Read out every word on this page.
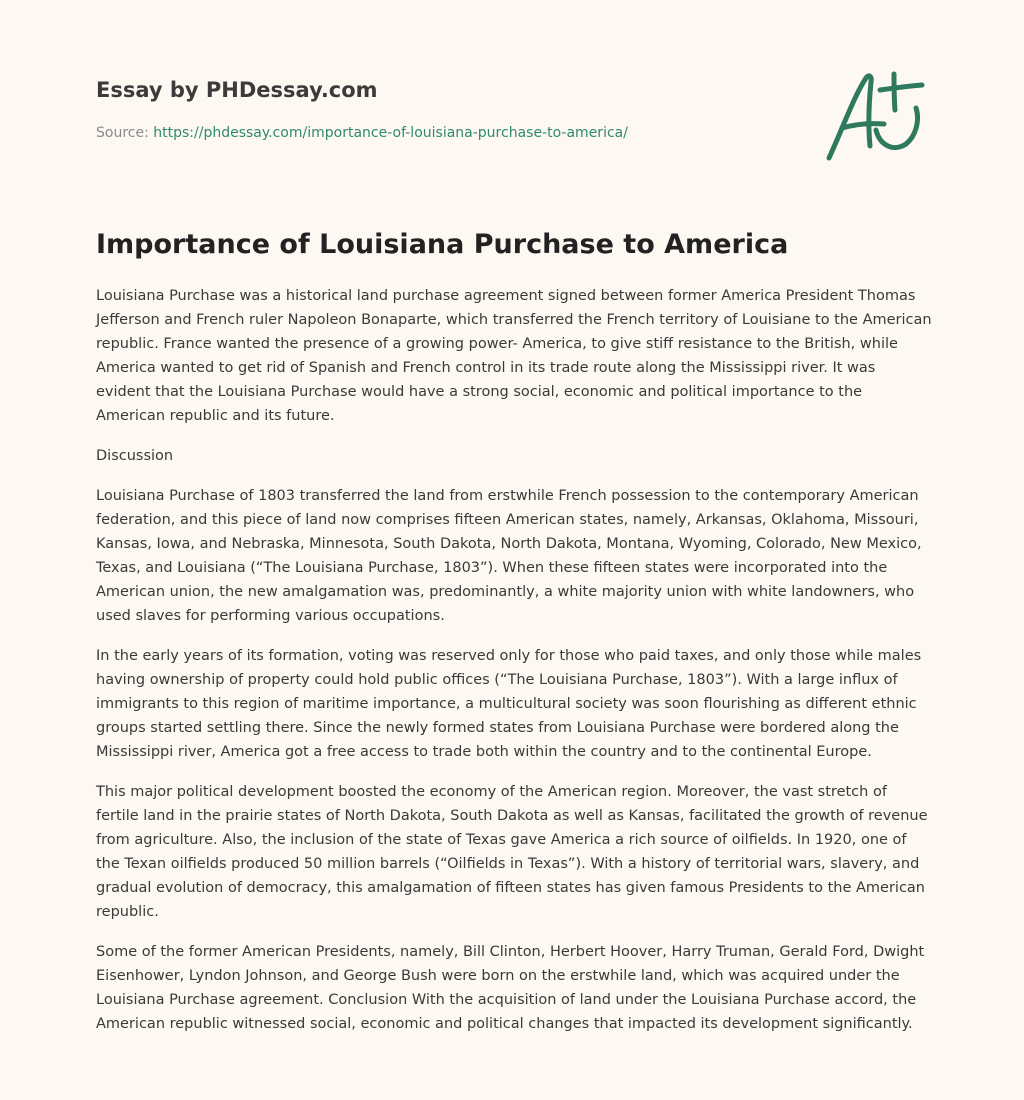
Essay by PHDessay.com
Source: https://phdessay.com/importance-of-louisiana-purchase-to-america/
Importance of Louisiana Purchase to America

Louisiana Purchase was a historical land purchase agreement signed between former America President Thomas Jefferson and French ruler Napoleon Bonaparte, which transferred the French territory of Louisiane to the American republic. France wanted the presence of a growing power- America, to give stiff resistance to the British, while America wanted to get rid of Spanish and French control in its trade route along the Mississippi river. It was evident that the Louisiana Purchase would have a strong social, economic and political importance to the American republic and its future.

Discussion

Louisiana Purchase of 1803 transferred the land from erstwhile French possession to the contemporary American federation, and this piece of land now comprises fifteen American states, namely, Arkansas, Oklahoma, Missouri, Kansas, Iowa, and Nebraska, Minnesota, South Dakota, North Dakota, Montana, Wyoming, Colorado, New Mexico, Texas, and Louisiana (“The Louisiana Purchase, 1803”). When these fifteen states were incorporated into the American union, the new amalgamation was, predominantly, a white majority union with white landowners, who used slaves for performing various occupations.

In the early years of its formation, voting was reserved only for those who paid taxes, and only those while males having ownership of property could hold public offices (“The Louisiana Purchase, 1803”). With a large influx of immigrants to this region of maritime importance, a multicultural society was soon flourishing as different ethnic groups started settling there. Since the newly formed states from Louisiana Purchase were bordered along the Mississippi river, America got a free access to trade both within the country and to the continental Europe.

This major political development boosted the economy of the American region. Moreover, the vast stretch of fertile land in the prairie states of North Dakota, South Dakota as well as Kansas, facilitated the growth of revenue from agriculture. Also, the inclusion of the state of Texas gave America a rich source of oilfields. In 1920, one of the Texan oilfields produced 50 million barrels (“Oilfields in Texas”). With a history of territorial wars, slavery, and gradual evolution of democracy, this amalgamation of fifteen states has given famous Presidents to the American republic.

Some of the former American Presidents, namely, Bill Clinton, Herbert Hoover, Harry Truman, Gerald Ford, Dwight Eisenhower, Lyndon Johnson, and George Bush were born on the erstwhile land, which was acquired under the Louisiana Purchase agreement. Conclusion With the acquisition of land under the Louisiana Purchase accord, the American republic witnessed social, economic and political changes that impacted its development significantly.
